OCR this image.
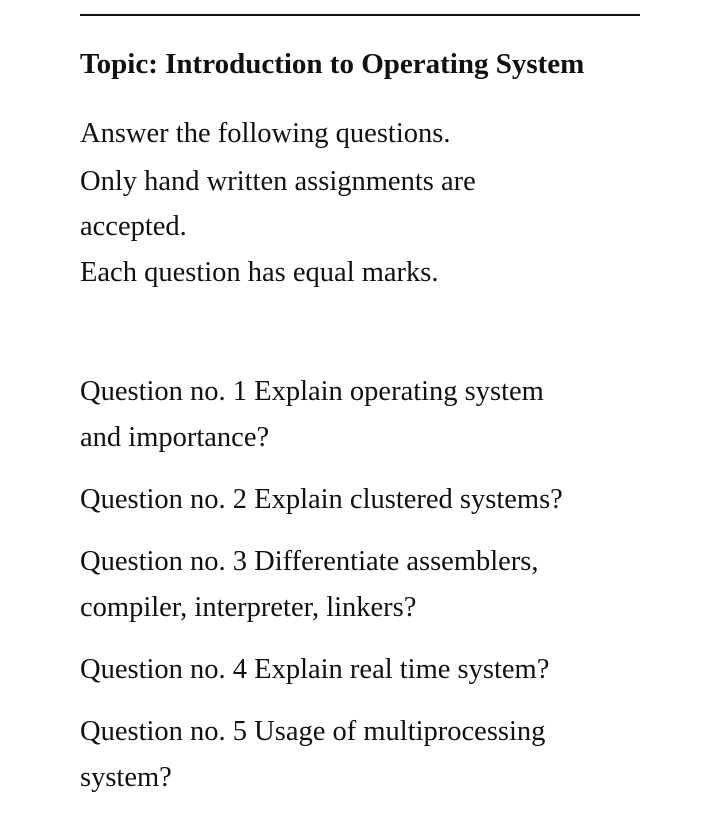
Topic: Introduction to Operating System
Answer the following questions.
Only hand written assignments are
accepted.
Each question has equal marks.
Question no. 1 Explain operating system
and importance?
Question no. 2 Explain clustered systems?
Question no. 3 Differentiate assemblers,
compiler, interpreter, linkers?
Question no. 4 Explain real time system?
Question no. 5 Usage of multiprocessing
system?
